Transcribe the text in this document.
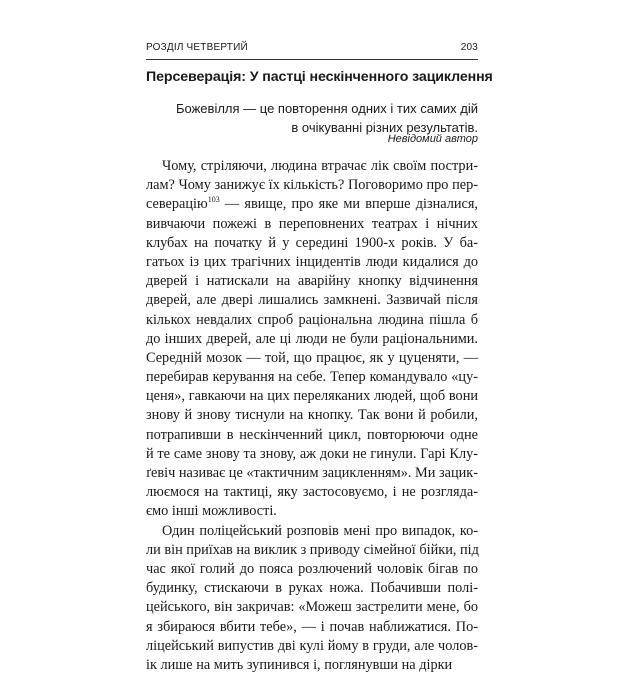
РОЗДІЛ ЧЕТВЕРТИЙ	203
Персеверація: У пастці нескінченного зациклення
Божевілля — це повторення одних і тих самих дій
в очікуванні різних результатів.
Невідомий автор
Чому, стріляючи, людина втрачає лік своїм постри-
лам? Чому занижує їх кількість? Поговоримо про пер-
северацію$^{103}$ — явище, про яке ми вперше дізналися,
вивчаючи пожежі в переповнених театрах і нічних
клубах на початку й у середині 1900-х років. У ба-
гатьох із цих трагічних інцидентів люди кидалися до
дверей і натискали на аварійну кнопку відчинення
дверей, але двері лишались замкнені. Зазвичай після
кількох невдалих спроб раціональна людина пішла б
до інших дверей, але ці люди не були раціональними.
Середній мозок — той, що працює, як у цуценяти, —
перебирав керування на себе. Тепер командувало «цу-
ценя», гавкаючи на цих переляканих людей, щоб вони
знову й знову тиснули на кнопку. Так вони й робили,
потрапивши в нескінченний цикл, повторюючи одне
й те саме знову та знову, аж доки не гинули. Гарі Клу-
ґевіч називає це «тактичним зацикленням». Ми зацик-
люємося на тактиці, яку застосовуємо, і не розгляда-
ємо інші можливості.
Один поліцейський розповів мені про випадок, ко-
ли він приїхав на виклик з приводу сімейної бійки, під
час якої голий до пояса розлючений чоловік бігав по
будинку, стискаючи в руках ножа. Побачивши полі-
цейського, він закричав: «Можеш застрелити мене, бо
я збираюся вбити тебе», — і почав наближатися. По-
ліцейський випустив дві кулі йому в груди, але чолов-
ік лише на мить зупинився і, поглянувши на дірки
